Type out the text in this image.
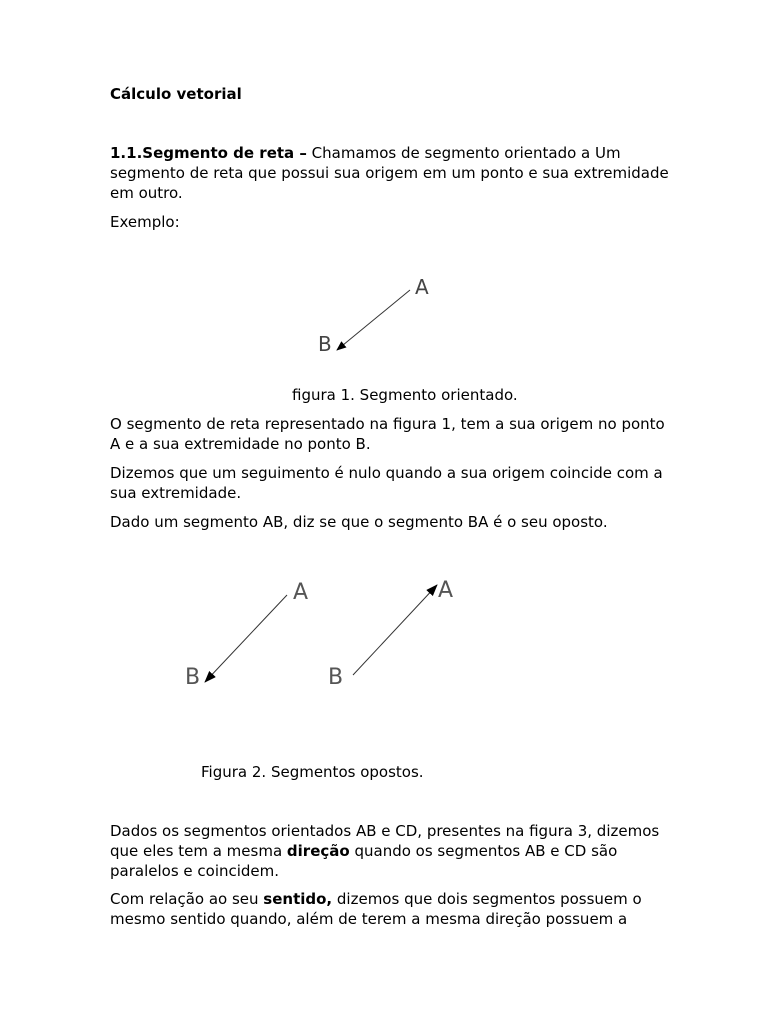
Cálculo vetorial
1.1.Segmento de reta – Chamamos de segmento orientado a Um segmento de reta que possui sua origem em um ponto e sua extremidade em outro.
Exemplo:
A
B
figura 1. Segmento orientado.
O segmento de reta representado na figura 1, tem a sua origem no ponto A e a sua extremidade no ponto B.
Dizemos que um seguimento é nulo quando a sua origem coincide com a sua extremidade.
Dado um segmento AB, diz se que o segmento BA é o seu oposto.
A
B
A
B
Figura 2. Segmentos opostos.
Dados os segmentos orientados AB e CD, presentes na figura 3, dizemos que eles tem a mesma direção quando os segmentos AB e CD são paralelos e coincidem.
Com relação ao seu sentido, dizemos que dois segmentos possuem o mesmo sentido quando, além de terem a mesma direção possuem a
